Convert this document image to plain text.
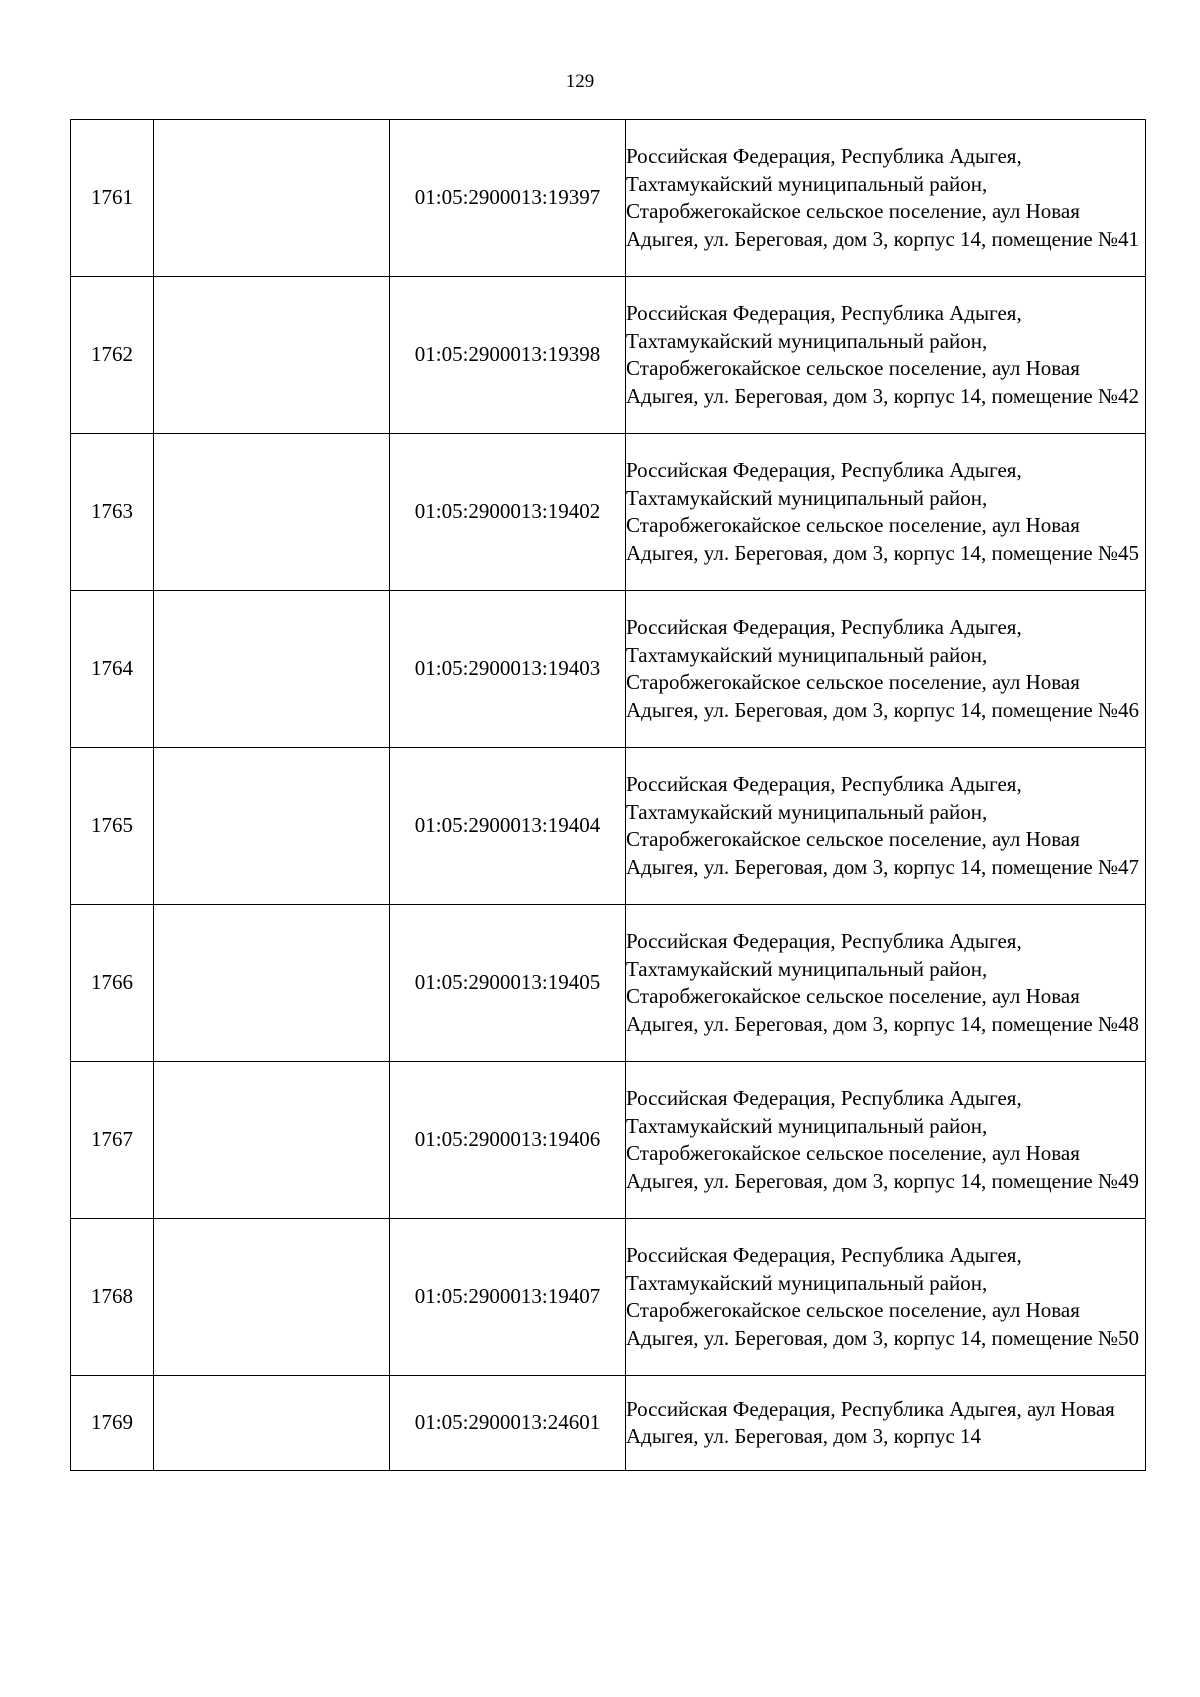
129
1761		01:05:2900013:19397	Российская Федерация, Республика Адыгея, Тахтамукайский муниципальный район, Старобжегокайское сельское поселение, аул Новая Адыгея, ул. Береговая, дом 3, корпус 14, помещение №41
1762		01:05:2900013:19398	Российская Федерация, Республика Адыгея, Тахтамукайский муниципальный район, Старобжегокайское сельское поселение, аул Новая Адыгея, ул. Береговая, дом 3, корпус 14, помещение №42
1763		01:05:2900013:19402	Российская Федерация, Республика Адыгея, Тахтамукайский муниципальный район, Старобжегокайское сельское поселение, аул Новая Адыгея, ул. Береговая, дом 3, корпус 14, помещение №45
1764		01:05:2900013:19403	Российская Федерация, Республика Адыгея, Тахтамукайский муниципальный район, Старобжегокайское сельское поселение, аул Новая Адыгея, ул. Береговая, дом 3, корпус 14, помещение №46
1765		01:05:2900013:19404	Российская Федерация, Республика Адыгея, Тахтамукайский муниципальный район, Старобжегокайское сельское поселение, аул Новая Адыгея, ул. Береговая, дом 3, корпус 14, помещение №47
1766		01:05:2900013:19405	Российская Федерация, Республика Адыгея, Тахтамукайский муниципальный район, Старобжегокайское сельское поселение, аул Новая Адыгея, ул. Береговая, дом 3, корпус 14, помещение №48
1767		01:05:2900013:19406	Российская Федерация, Республика Адыгея, Тахтамукайский муниципальный район, Старобжегокайское сельское поселение, аул Новая Адыгея, ул. Береговая, дом 3, корпус 14, помещение №49
1768		01:05:2900013:19407	Российская Федерация, Республика Адыгея, Тахтамукайский муниципальный район, Старобжегокайское сельское поселение, аул Новая Адыгея, ул. Береговая, дом 3, корпус 14, помещение №50
1769		01:05:2900013:24601	Российская Федерация, Республика Адыгея, аул Новая Адыгея, ул. Береговая, дом 3, корпус 14
